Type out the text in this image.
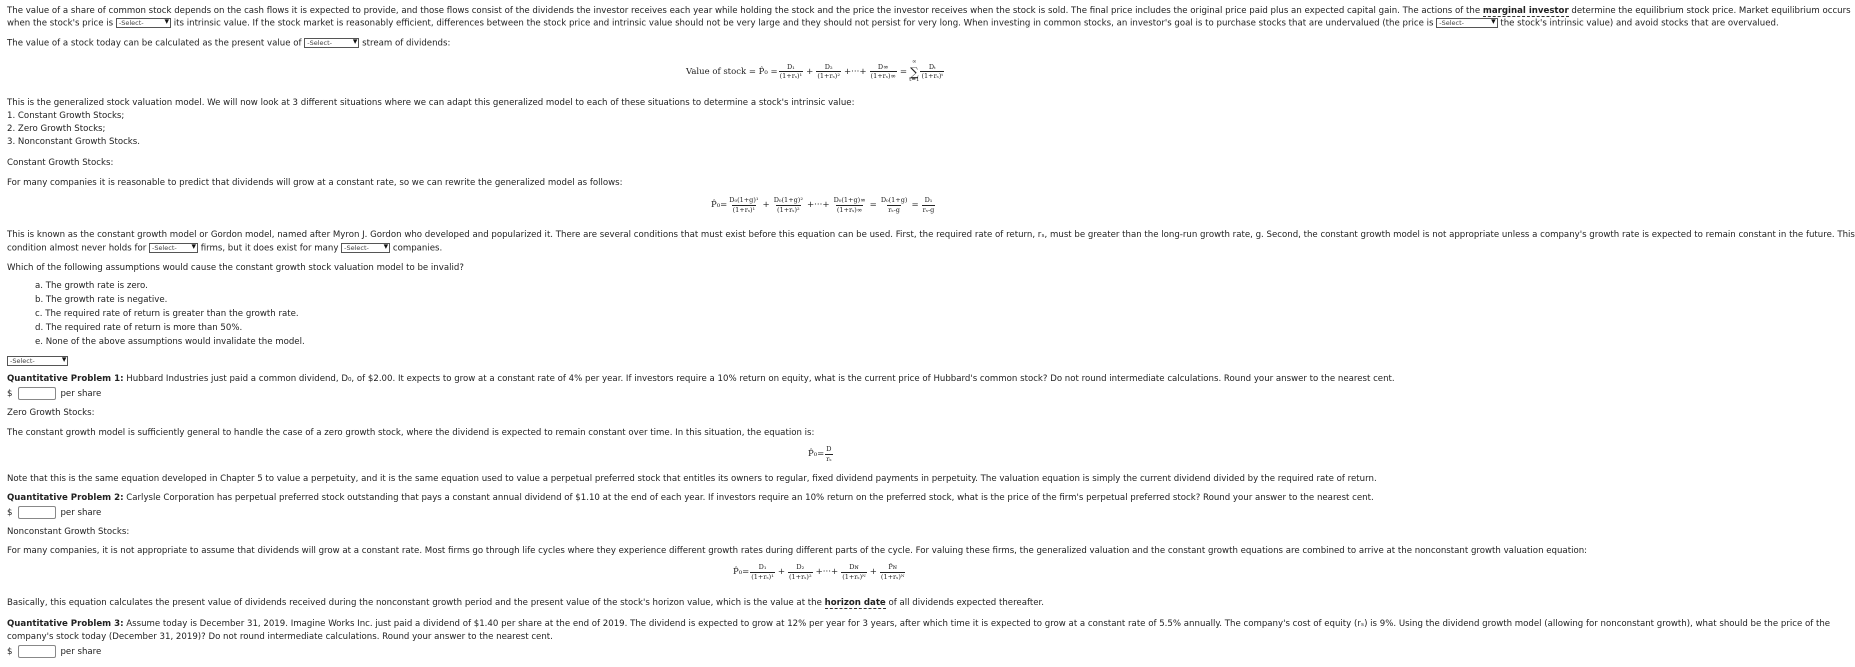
The value of a share of common stock depends on the cash flows it is expected to provide, and those flows consist of the dividends the investor receives each year while holding the stock and the price the investor receives when the stock is sold. The final price includes the original price paid plus an expected capital gain. The actions of the marginal investor determine the equilibrium stock price. Market equilibrium occurs
when the stock's price is -Select- ▾ its intrinsic value. If the stock market is reasonably efficient, differences between the stock price and intrinsic value should not be very large and they should not persist for very long. When investing in common stocks, an investor's goal is to purchase stocks that are undervalued (the price is -Select-	▾ the stock's intrinsic value) and avoid stocks that are overvalued.
The value of a stock today can be calculated as the present value of -Select- ▾ stream of dividends:
Value of stock = P̂₀ = $\frac{\text{D₁}}{\text{(1+rₛ)¹}} + \frac{\text{D₂}}{\text{(1+rₛ)²}}$ +···+ $\frac{D\infty}{\text{(1+rₛ)∞}}$ =
∞
∑
$t=1 \frac{\text{Dₜ}}{\text{(1+rₛ)ᵗ}}$
This is the generalized stock valuation model. We will now look at 3 different situations where we can adapt this generalized model to each of these situations to determine a stock's intrinsic value:
1. Constant Growth Stocks;
2. Zero Growth Stocks;
3. Nonconstant Growth Stocks.
Constant Growth Stocks:
For many companies it is reasonable to predict that dividends will grow at a constant rate, so we can rewrite the generalized model as follows:
P̂₀= $\frac{\text{D₀(1+g)¹}}{\text{(1+rₛ)¹}} + \frac{\text{D₀(1+g)²}}{\text{(1+rₛ)²}}$ +···+ $\frac{\text{D₀(1+g)∞}}{\text{(1+rₛ)∞}} = \frac{\text{D₀(1+g)}}{\text{rₛ-g}} = \frac{\text{D₁}}{\text{rₛ-g}}$
This is known as the constant growth model or Gordon model, named after Myron J. Gordon who developed and popularized it. There are several conditions that must exist before this equation can be used. First, the required rate of return, rₛ, must be greater than the long-run growth rate, g. Second, the constant growth model is not appropriate unless a company's growth rate is expected to remain constant in the future. This
condition almost never holds for -Select- ▾ firms, but it does exist for many -Select- ▾ companies.
Which of the following assumptions would cause the constant growth stock valuation model to be invalid?
a. The growth rate is zero.
b. The growth rate is negative.
c. The required rate of return is greater than the growth rate.
d. The required rate of return is more than 50%.
e. None of the above assumptions would invalidate the model.
-Select-	▾
Quantitative Problem 1: Hubbard Industries just paid a common dividend, D₀, of $2.00. It expects to grow at a constant rate of 4% per year. If investors require a 10% return on equity, what is the current price of Hubbard's common stock? Do not round intermediate calculations. Round your answer to the nearest cent.
$	per share
Zero Growth Stocks:
The constant growth model is sufficiently general to handle the case of a zero growth stock, where the dividend is expected to remain constant over time. In this situation, the equation is:
P̂₀= $\frac{D}{\text{rₛ}}$
Note that this is the same equation developed in Chapter 5 to value a perpetuity, and it is the same equation used to value a perpetual preferred stock that entitles its owners to regular, fixed dividend payments in perpetuity. The valuation equation is simply the current dividend divided by the required rate of return.
Quantitative Problem 2: Carlysle Corporation has perpetual preferred stock outstanding that pays a constant annual dividend of $1.10 at the end of each year. If investors require an 10% return on the preferred stock, what is the price of the firm's perpetual preferred stock? Round your answer to the nearest cent.
$	per share
Nonconstant Growth Stocks:
For many companies, it is not appropriate to assume that dividends will grow at a constant rate. Most firms go through life cycles where they experience different growth rates during different parts of the cycle. For valuing these firms, the generalized valuation and the constant growth equations are combined to arrive at the nonconstant growth valuation equation:
P̂₀= $\frac{\text{D₁}}{\text{(1+rₛ)¹}} + \frac{\text{D₂}}{\text{(1+rₛ)²}}$ +···+ $\frac{\text{Dɴ}}{\text{(1+rₛ)ᴺ}} + \frac{\text{P̂ɴ}}{\text{(1+rₛ)ᴺ}}$
Basically, this equation calculates the present value of dividends received during the nonconstant growth period and the present value of the stock's horizon value, which is the value at the horizon date of all dividends expected thereafter.
Quantitative Problem 3: Assume today is December 31, 2019. Imagine Works Inc. just paid a dividend of $1.40 per share at the end of 2019. The dividend is expected to grow at 12% per year for 3 years, after which time it is expected to grow at a constant rate of 5.5% annually. The company's cost of equity (rₛ) is 9%. Using the dividend growth model (allowing for nonconstant growth), what should be the price of the
company's stock today (December 31, 2019)? Do not round intermediate calculations. Round your answer to the nearest cent.
$	per share
